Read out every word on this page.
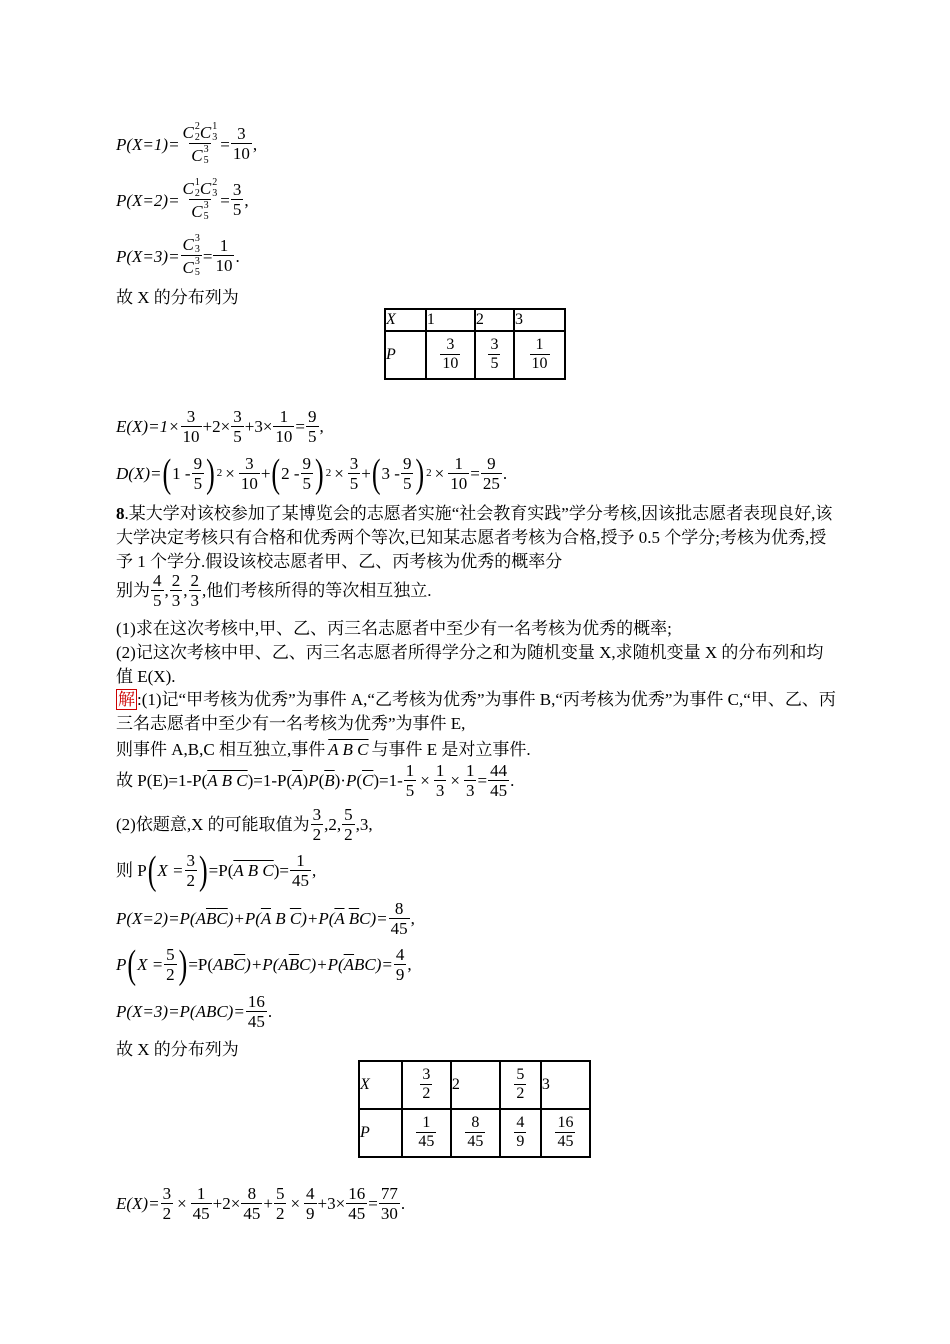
P(X=1)= C 2
2 C 1
3
C 3
$5 = \frac{3}{10}$ ,
P(X=2)= C 1
2 C 2
3
C 3
$5 = \frac{3}{5}$ ,
P(X=3)= C 3
3
C 3
$5 = \frac{1}{10}$ .
故 X 的分布列为
X	1	2	3
P	$\frac{3}{10}$	$\frac{3}{5}$	$\frac{1}{10}$
$E(X)=1\times \frac{3}{10} +2\times \frac{3}{5} +3\times \frac{1}{10} = \frac{9}{5}$ ,
D(X)= ( 1 -
9
5 ) $2 \times \frac{3}{10}$ + ( 2 -
9
5 ) $2 \times \frac{3}{5}$ + ( 3 -
9
5 ) $2 \times \frac{1}{10} = \frac{9}{25}$ .
8.某大学对该校参加了某博览会的志愿者实施“社会教育实践”学分考核,因该批志愿者表现良好,该大学决定考核只有合格和优秀两个等次,已知某志愿者考核为合格,授予 0.5 个学分;考核为优秀,授予 1 个学分.假设该校志愿者甲、乙、丙考核为优秀的概率分
别为
4
5 ,
2
3 ,
2
3 ,他们考核所得的等次相互独立.
(1)求在这次考核中,甲、乙、丙三名志愿者中至少有一名考核为优秀的概率;
(2)记这次考核中甲、乙、丙三名志愿者所得学分之和为随机变量 X,求随机变量 X 的分布列和均值 E(X).
解 :(1)记“甲考核为优秀”为事件 A,“乙考核为优秀”为事件 B,“丙考核为优秀”为事件 C,“甲、乙、丙三名志愿者中至少有一名考核为优秀”为事件 E,
则事件 A,B,C 相互独立,事件 A B C 与事件 E 是对立事件.
故 P(E)=1-P( A B C )=1-P( $\overline{A}$ ) P ( $\overline{B}$ )· P ( $\overline{C}$ ) $=1- \frac{1}{5} \times \frac{1}{3} \times \frac{1}{3} = \frac{44}{45}$ .
(2)依题意,X 的可能取值为
3
2 ,2,
5
2 ,3,
则 P ( $X = \frac{3}{2}$ ) =P( A B C )= $\frac{1}{45}$ ,
P(X=2)=P( $A\overline{B}\overline{C}$ )$+P(\overline{A}$ B $\overline{C})+P(\overline{A}$ $\overline{B}C)= \frac{8}{45}$ ,
P ( $X = \frac{5}{2}$ ) =P( $AB\overline{C})+P(A\overline{B}C)+P(\overline{A}BC)= \frac{4}{9}$ ,
$P(X=3)=P(ABC)= \frac{16}{45}$ .
故 X 的分布列为
X	$\frac{3}{2}$	2	$\frac{5}{2}$	3
P	$\frac{1}{45}$	$\frac{8}{45}$	$\frac{4}{9}$	$\frac{16}{45}$
$E(X)= \frac{3}{2} \times \frac{1}{45} +2\times \frac{8}{45} + \frac{5}{2} \times \frac{4}{9} +3\times \frac{16}{45} = \frac{77}{30}$ .
